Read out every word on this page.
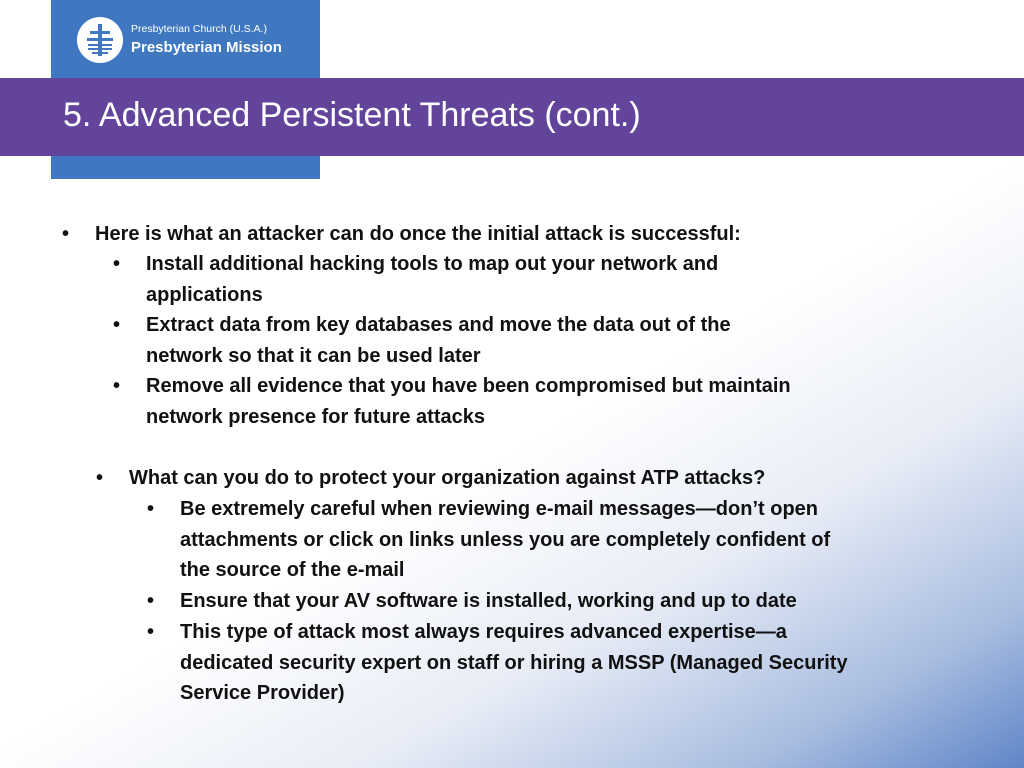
Presbyterian Church (U.S.A.)
Presbyterian Mission
5. Advanced Persistent Threats (cont.)
• Here is what an attacker can do once the initial attack is successful:
• Install additional hacking tools to map out your network and
applications
• Extract data from key databases and move the data out of the
network so that it can be used later
• Remove all evidence that you have been compromised but maintain
network presence for future attacks
• What can you do to protect your organization against ATP attacks?
• Be extremely careful when reviewing e-mail messages—don’t open
attachments or click on links unless you are completely confident of
the source of the e-mail
• Ensure that your AV software is installed, working and up to date
• This type of attack most always requires advanced expertise—a
dedicated security expert on staff or hiring a MSSP (Managed Security
Service Provider)
